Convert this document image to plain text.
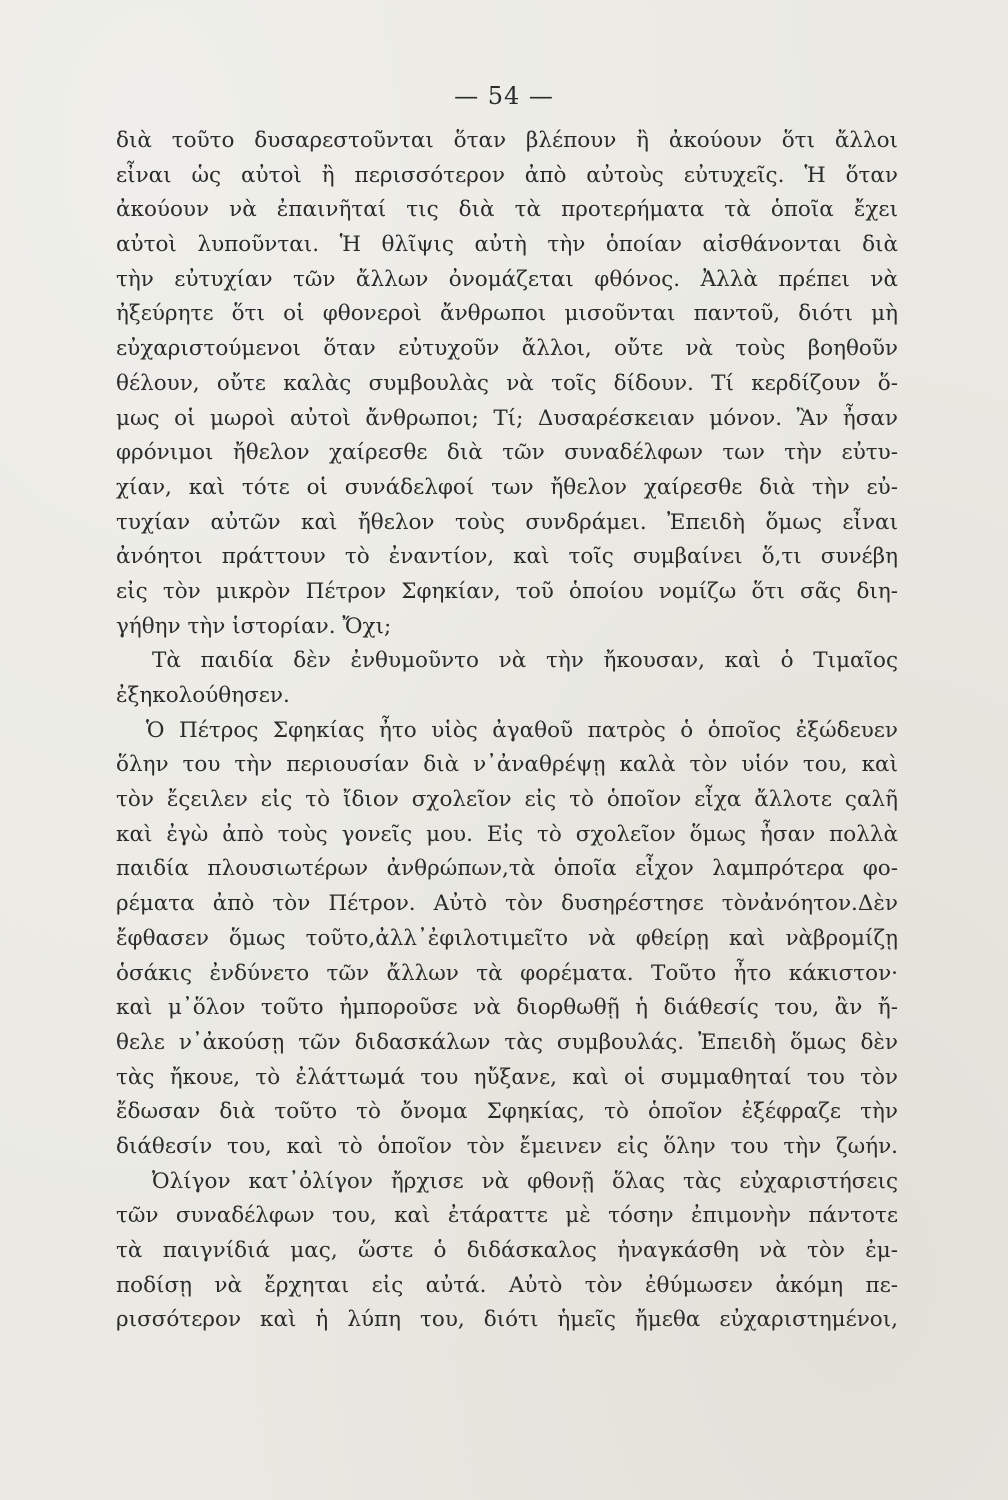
— 54 —
διὰ τοῦτο δυσαρεστοῦνται ὅταν βλέπουν ἢ ἀκούουν ὅτι ἄλλοι
εἶναι ὡς αὐτοὶ ἢ περισσότερον ἀπὸ αὐτοὺς εὐτυχεῖς. Ἡ ὅταν
ἀκούουν νὰ ἐπαινῆταί τις διὰ τὰ προτερήματα τὰ ὁποῖα ἔχει
αὐτοὶ λυποῦνται. Ἡ θλῖψις αὐτὴ τὴν ὁποίαν αἰσθάνονται διὰ
τὴν εὐτυχίαν τῶν ἄλλων ὀνομάζεται φθόνος. Ἀλλὰ πρέπει νὰ
ἠξεύρητε ὅτι οἱ φθονεροὶ ἄνθρωποι μισοῦνται παντοῦ, διότι μὴ
εὐχαριστούμενοι ὅταν εὐτυχοῦν ἄλλοι, οὔτε νὰ τοὺς βοηθοῦν
θέλουν, οὔτε καλὰς συμβουλὰς νὰ τοῖς δίδουν. Τί κερδίζουν ὅ-
μως οἱ μωροὶ αὐτοὶ ἄνθρωποι; Τί; Δυσαρέσκειαν μόνον. Ἂν ἦσαν
φρόνιμοι ἤθελον χαίρεσθε διὰ τῶν συναδέλφων των τὴν εὐτυ-
χίαν, καὶ τότε οἱ συνάδελφοί των ἤθελον χαίρεσθε διὰ τὴν εὐ-
τυχίαν αὐτῶν καὶ ἤθελον τοὺς συνδράμει. Ἐπειδὴ ὅμως εἶναι
ἀνόητοι πράττουν τὸ ἐναντίον, καὶ τοῖς συμβαίνει ὅ,τι συνέβη
εἰς τὸν μικρὸν Πέτρον Σφηκίαν, τοῦ ὁποίου νομίζω ὅτι σᾶς διη-
γήθην τὴν ἱστορίαν. Ὄχι;
Τὰ παιδία δὲν ἐνθυμοῦντο νὰ τὴν ἤκουσαν, καὶ ὁ Τιμαῖος
ἐξηκολούθησεν.
Ὁ Πέτρος Σφηκίας ἦτο υἱὸς ἀγαθοῦ πατρὸς ὁ ὁποῖος ἐξώδευεν
ὅλην του τὴν περιουσίαν διὰ ν᾽ἀναθρέψῃ καλὰ τὸν υἱόν του, καὶ
τὸν ἔςειλεν εἰς τὸ ἴδιον σχολεῖον εἰς τὸ ὁποῖον εἶχα ἄλλοτε ςαλῆ
καὶ ἐγὼ ἀπὸ τοὺς γονεῖς μου. Εἰς τὸ σχολεῖον ὅμως ἦσαν πολλὰ
παιδία πλουσιωτέρων ἀνθρώπων,τὰ ὁποῖα εἶχον λαμπρότερα φο-
ρέματα ἀπὸ τὸν Πέτρον. Αὐτὸ τὸν δυσηρέστησε τὸνἀνόητον.Δὲν
ἔφθασεν ὅμως τοῦτο,ἀλλ᾽ἐφιλοτιμεῖτο νὰ φθείρῃ καὶ νὰβρομίζῃ
ὁσάκις ἐνδύνετο τῶν ἄλλων τὰ φορέματα. Τοῦτο ἦτο κάκιστον·
καὶ μ᾽ὅλον τοῦτο ἠμποροῦσε νὰ διορθωθῇ ἡ διάθεσίς του, ἂν ἤ-
θελε ν᾽ἀκούσῃ τῶν διδασκάλων τὰς συμβουλάς. Ἐπειδὴ ὅμως δὲν
τὰς ἤκουε, τὸ ἐλάττωμά του ηὔξανε, καὶ οἱ συμμαθηταί του τὸν
ἔδωσαν διὰ τοῦτο τὸ ὄνομα Σφηκίας, τὸ ὁποῖον ἐξέφραζε τὴν
διάθεσίν του, καὶ τὸ ὁποῖον τὸν ἔμεινεν εἰς ὅλην του τὴν ζωήν.
Ὀλίγον κατ᾽ὀλίγον ἤρχισε νὰ φθονῇ ὅλας τὰς εὐχαριστήσεις
τῶν συναδέλφων του, καὶ ἐτάραττε μὲ τόσην ἐπιμονὴν πάντοτε
τὰ παιγνίδιά μας, ὥστε ὁ διδάσκαλος ἠναγκάσθη νὰ τὸν ἐμ-
ποδίσῃ νὰ ἔρχηται εἰς αὐτά. Αὐτὸ τὸν ἐθύμωσεν ἀκόμη πε-
ρισσότερον καὶ ἡ λύπη του, διότι ἡμεῖς ἤμεθα εὐχαριστημένοι,
